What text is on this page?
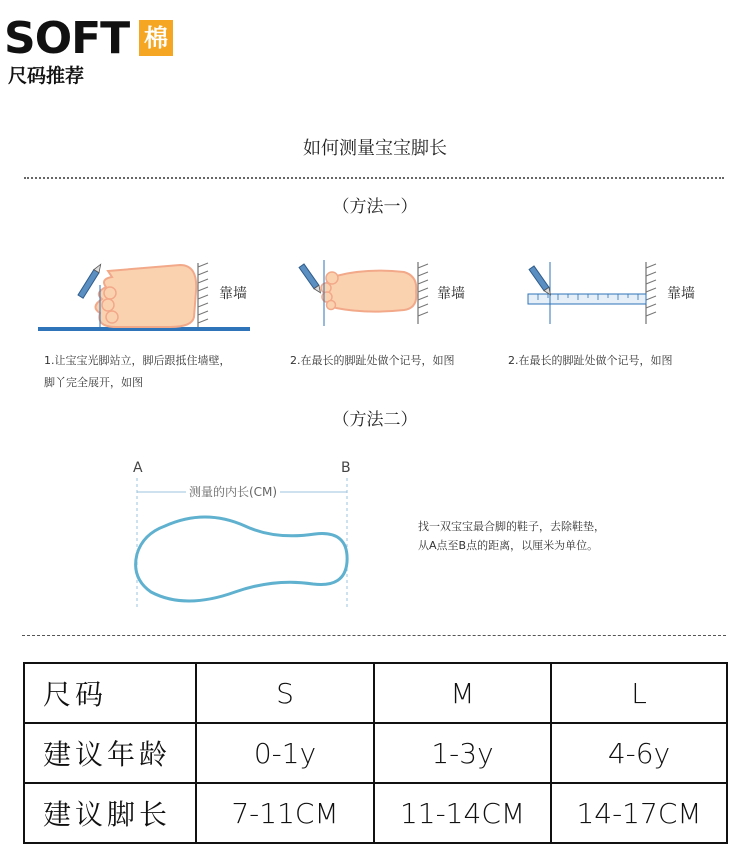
SOFT 棉
尺码推荐
如何测量宝宝脚长
（方法一）
靠墙	靠墙	靠墙
1.让宝宝光脚站立，脚后跟抵住墙壁，
脚丫完全展开，如图
2.在最长的脚趾处做个记号，如图	2.在最长的脚趾处做个记号，如图
（方法二）
A	B
测量的内长(CM)
找一双宝宝最合脚的鞋子，去除鞋垫，
从A点至B点的距离，以厘米为单位。
尺码	S	M	L
建议年龄	0-1y	1-3y	4-6y
建议脚长	7-11CM	11-14CM	14-17CM
